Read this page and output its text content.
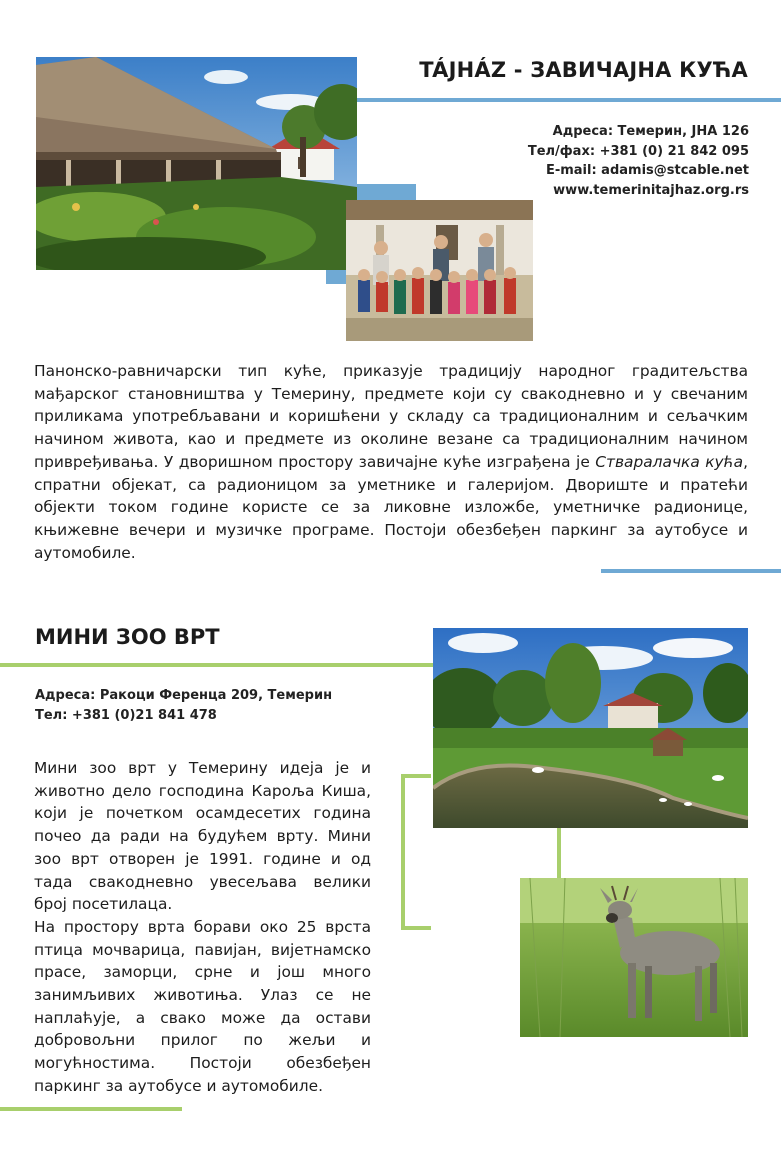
TÁJHÁZ - ЗАВИЧАЈНА КУЋА
Адреса: Темерин, ЈНА 126
Тел/фах: +381 (0) 21 842 095
E-mail: adamis@stcable.net
www.temerinitajhaz.org.rs
Панонско-равничарски тип куће, приказује традицију народног градитељства мађарског становништва у Темерину, предмете који су свакодневно и у свечаним приликама употребљавани и коришћени у складу са традиционалним и сељачким начином живота, као и предмете из околине везане са традиционалним начином привређивања. У дворишном простору завичајне куће изграђена је Стваралачка кућа, спратни објекат, са радионицом за уметнике и галеријом. Двориште и пратећи објекти током године користе се за ликовне изложбе, уметничке радионице, књижевне вечери и музичке програме. Постоји обезбеђен паркинг за аутобусе и аутомобиле.
МИНИ ЗОО ВРТ
Адреса: Ракоци Ференца 209, Темерин
Тел: +381 (0)21 841 478

Мини зоо врт у Темерину идеја је и животно дело господина Карољa Киша, који је почетком осамдесетих година почео да ради на будућем врту. Мини зоо врт отворен је 1991. године и од тада свакодневно увесељава велики број посетилаца.

На простору врта борави око 25 врста птица мочварица, павијан, вијетнамско прасе, заморци, срне и још много занимљивих животиња. Улаз се не наплаћује, а свако може да остави добровољни прилог по жељи и могућностима. Постоји обезбеђен паркинг за аутобусе и аутомобиле.
